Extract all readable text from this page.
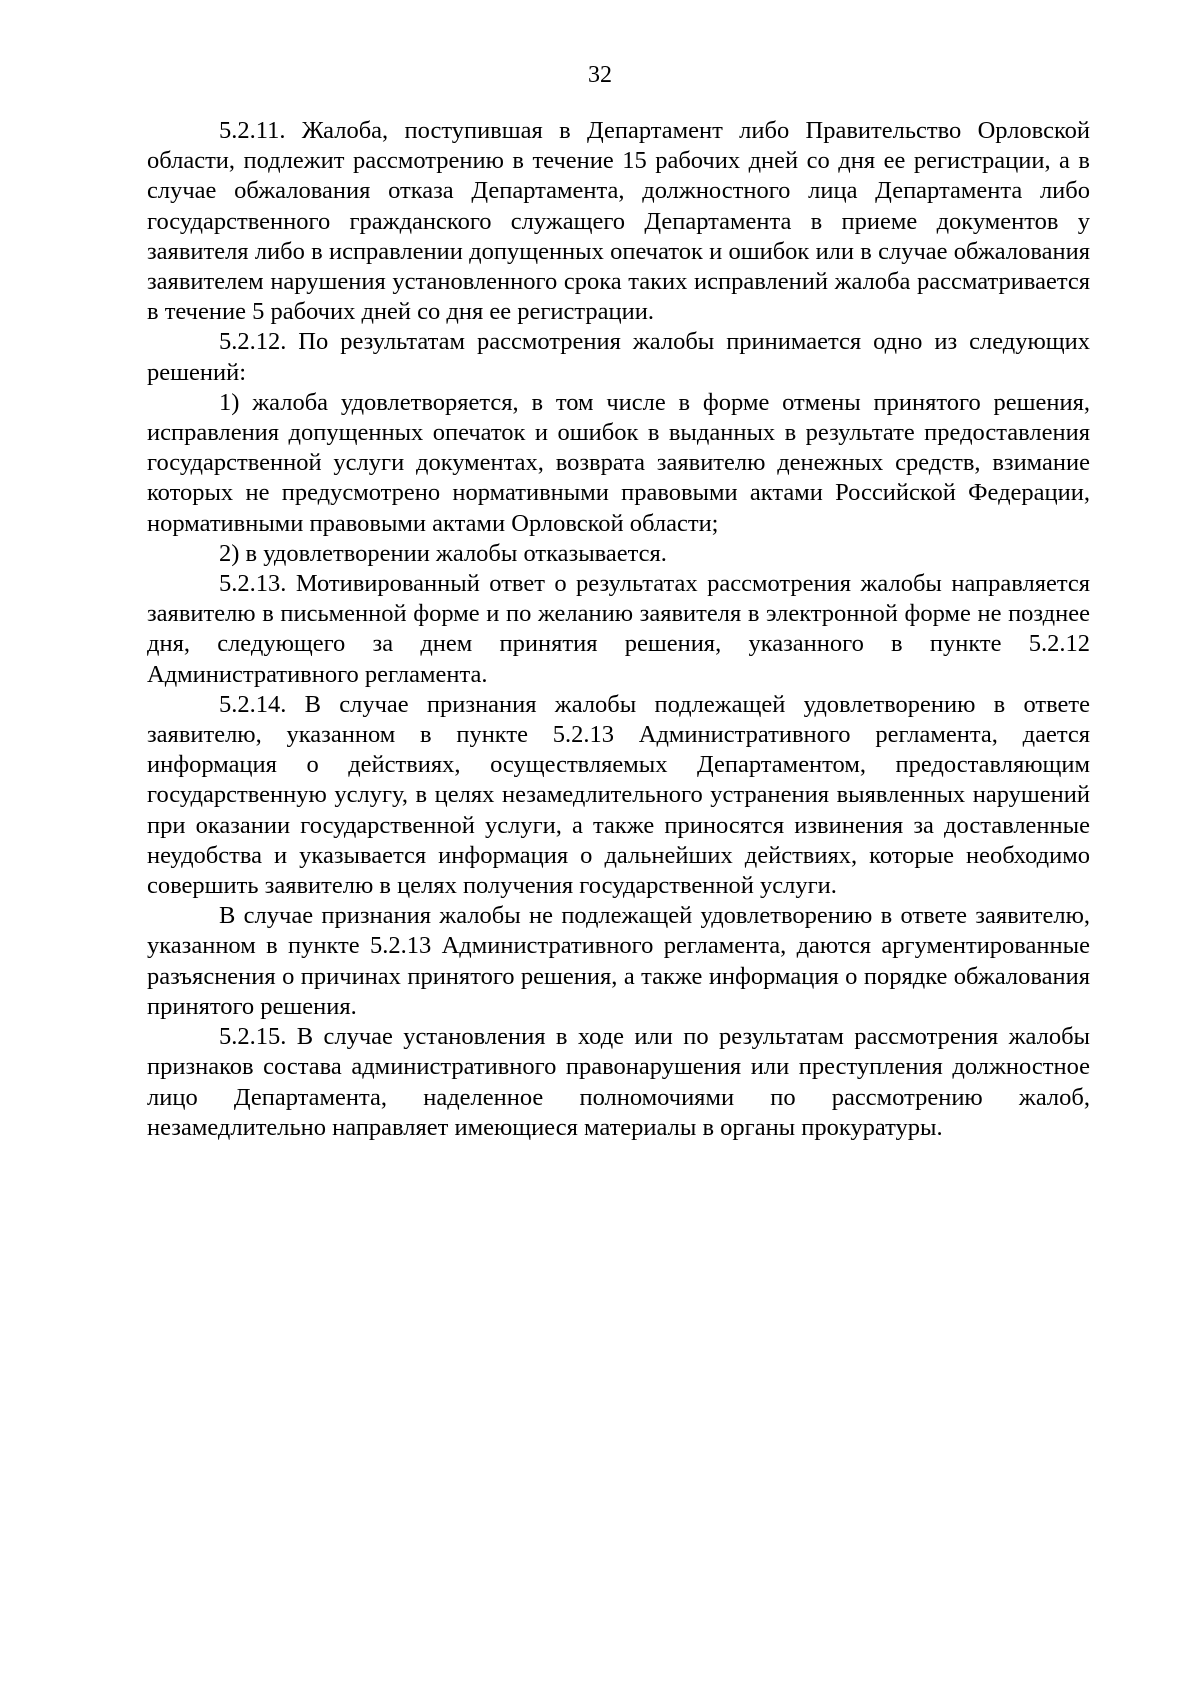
32

5.2.11. Жалоба, поступившая в Департамент либо Правительство Орловской области, подлежит рассмотрению в течение 15 рабочих дней со дня ее регистрации, а в случае обжалования отказа Департамента, должностного лица Департамента либо государственного гражданского служащего Департамента в приеме документов у заявителя либо в исправлении допущенных опечаток и ошибок или в случае обжалования заявителем нарушения установленного срока таких исправлений жалоба рассматривается в течение 5 рабочих дней со дня ее регистрации.

5.2.12. По результатам рассмотрения жалобы принимается одно из следующих решений:

1) жалоба удовлетворяется, в том числе в форме отмены принятого решения, исправления допущенных опечаток и ошибок в выданных в результате предоставления государственной услуги документах, возврата заявителю денежных средств, взимание которых не предусмотрено нормативными правовыми актами Российской Федерации, нормативными правовыми актами Орловской области;

2) в удовлетворении жалобы отказывается.

5.2.13. Мотивированный ответ о результатах рассмотрения жалобы направляется заявителю в письменной форме и по желанию заявителя в электронной форме не позднее дня, следующего за днем принятия решения, указанного в пункте 5.2.12 Административного регламента.

5.2.14. В случае признания жалобы подлежащей удовлетворению в ответе заявителю, указанном в пункте 5.2.13 Административного регламента, дается информация о действиях, осуществляемых Департаментом, предоставляющим государственную услугу, в целях незамедлительного устранения выявленных нарушений при оказании государственной услуги, а также приносятся извинения за доставленные неудобства и указывается информация о дальнейших действиях, которые необходимо совершить заявителю в целях получения государственной услуги.

В случае признания жалобы не подлежащей удовлетворению в ответе заявителю, указанном в пункте 5.2.13 Административного регламента, даются аргументированные разъяснения о причинах принятого решения, а также информация о порядке обжалования принятого решения.

5.2.15. В случае установления в ходе или по результатам рассмотрения жалобы признаков состава административного правонарушения или преступления должностное лицо Департамента, наделенное полномочиями по рассмотрению жалоб, незамедлительно направляет имеющиеся материалы в органы прокуратуры.
